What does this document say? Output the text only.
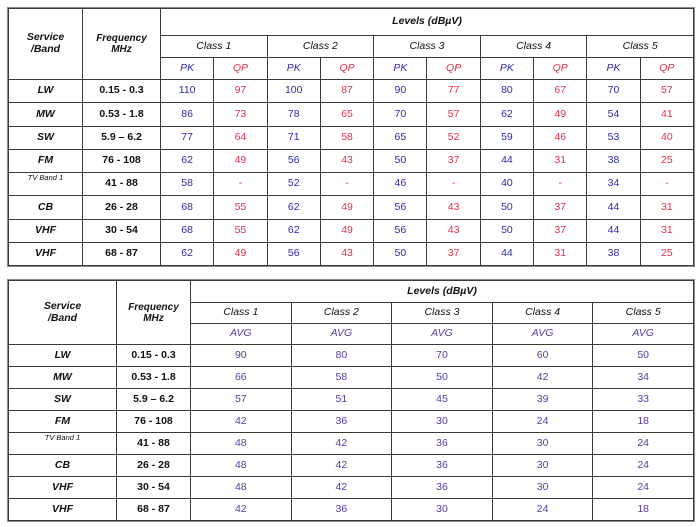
Service
/Band	Frequency
MHz	Levels (dBµV)									
		Class 1		Class 2		Class 3		Class 4		Class 5	
		PK	QP	PK	QP	PK	QP	PK	QP	PK	QP
LW	0.15 - 0.3	110	97	100	87	90	77	80	67	70	57
MW	0.53 - 1.8	86	73	78	65	70	57	62	49	54	41
SW	5.9 – 6.2	77	64	71	58	65	52	59	46	53	40
FM	76 - 108	62	49	56	43	50	37	44	31	38	25
TV Band 1	41 - 88	58	-	52	-	46	-	40	-	34	-
CB	26 - 28	68	55	62	49	56	43	50	37	44	31
VHF	30 - 54	68	55	62	49	56	43	50	37	44	31
VHF	68 - 87	62	49	56	43	50	37	44	31	38	25
Service
/Band	Frequency
MHz	Levels (dBµV)				
		Class 1	Class 2	Class 3	Class 4	Class 5
		AVG	AVG	AVG	AVG	AVG
LW	0.15 - 0.3	90	80	70	60	50
MW	0.53 - 1.8	66	58	50	42	34
SW	5.9 – 6.2	57	51	45	39	33
FM	76 - 108	42	36	30	24	18
TV Band 1	41 - 88	48	42	36	30	24
CB	26 - 28	48	42	36	30	24
VHF	30 - 54	48	42	36	30	24
VHF	68 - 87	42	36	30	24	18
